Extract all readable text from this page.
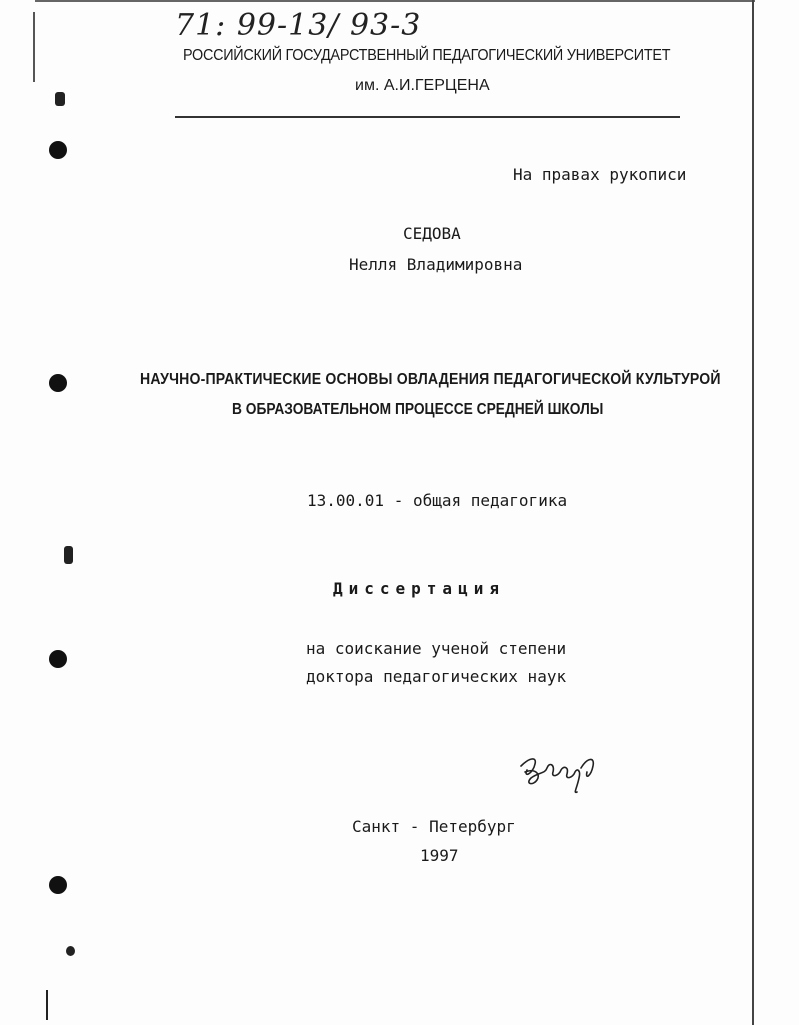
71: 99-13/ 93-3

РОССИЙСКИЙ ГОСУДАРСТВЕННЫЙ ПЕДАГОГИЧЕСКИЙ УНИВЕРСИТЕТ

им. А.И.ГЕРЦЕНА

На правах рукописи

СЕДОВА

Нелля Владимировна

НАУЧНО-ПРАКТИЧЕСКИЕ ОСНОВЫ ОВЛАДЕНИЯ ПЕДАГОГИЧЕСКОЙ КУЛЬТУРОЙ

В ОБРАЗОВАТЕЛЬНОМ ПРОЦЕССЕ СРЕДНЕЙ ШКОЛЫ

13.00.01 - общая педагогика

Диссертация

на соискание ученой степени

доктора педагогических наук

Санкт - Петербург

1997
